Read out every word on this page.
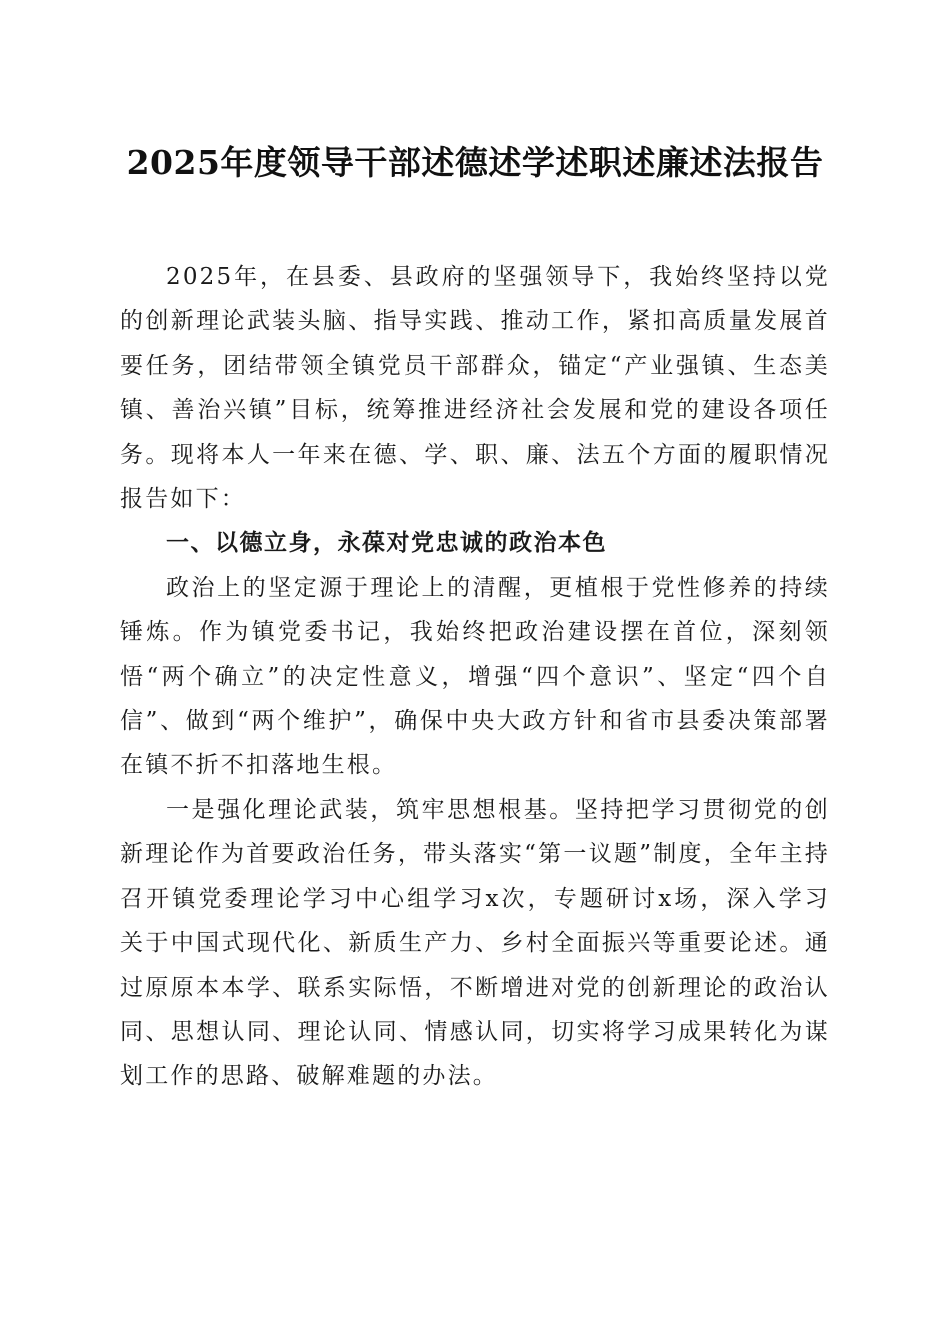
2025年度领导干部述德述学述职述廉述法报告

2025年，在县委、县政府的坚强领导下，我始终坚持以党的创新理论武装头脑、指导实践、推动工作，紧扣高质量发展首要任务，团结带领全镇党员干部群众，锚定“产业强镇、生态美镇、善治兴镇”目标，统筹推进经济社会发展和党的建设各项任务。现将本人一年来在德、学、职、廉、法五个方面的履职情况报告如下：

一、以德立身，永葆对党忠诚的政治本色

政治上的坚定源于理论上的清醒，更植根于党性修养的持续锤炼。作为镇党委书记，我始终把政治建设摆在首位，深刻领悟“两个确立”的决定性意义，增强“四个意识”、坚定“四个自信”、做到“两个维护”，确保中央大政方针和省市县委决策部署在镇不折不扣落地生根。

一是强化理论武装，筑牢思想根基。坚持把学习贯彻党的创新理论作为首要政治任务，带头落实“第一议题”制度，全年主持召开镇党委理论学习中心组学习x次，专题研讨x场，深入学习关于中国式现代化、新质生产力、乡村全面振兴等重要论述。通过原原本本学、联系实际悟，不断增进对党的创新理论的政治认同、思想认同、理论认同、情感认同，切实将学习成果转化为谋划工作的思路、破解难题的办法。
